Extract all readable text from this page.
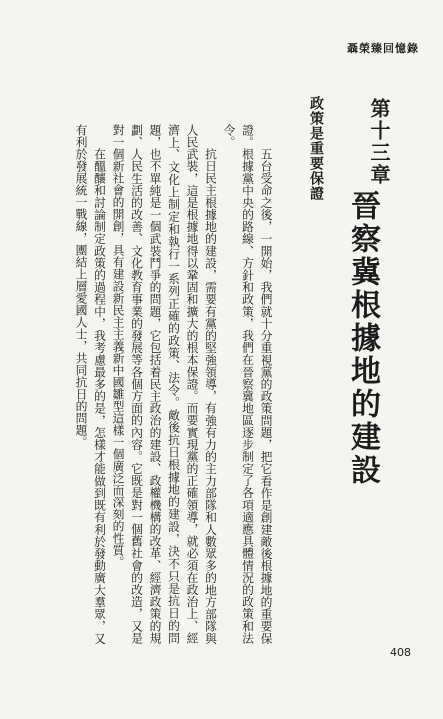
聶榮臻回憶錄
第十三章
晉察冀根據地的建設
政策是重要保證

五台受命之後，一開始，我們就十分重視黨的政策問題，把它看作是創建敵後根據地的重要保證。根據黨中央的路線、方針和政策，我們在晉察冀地區逐步制定了各項適應具體情況的政策和法令。

抗日民主根據地的建設，需要有黨的堅強領導，有強有力的主力部隊和人數眾多的地方部隊與人民武裝，這是根據地得以鞏固和擴大的根本保證。而要實現黨的正確領導，就必須在政治上、經濟上、文化上制定和執行一系列正確的政策、法令。敵後抗日根據地的建設，決不只是抗日的問題，也不單純是一個武裝鬥爭的問題，它包括着民主政治的建設、政權機構的改革、經濟政策的規劃、人民生活的改善、文化教育事業的發展等各個方面的內容。它既是對一個舊社會的改造，又是對一個新社會的開創，具有建設新民主主義新中國雛型這樣一個廣泛而深刻的性質。

在醞釀和討論制定政策的過程中，我考慮最多的是，怎樣才能做到既有利於發動廣大羣眾，又有利於發展統一戰線，團結上層愛國人士，共同抗日的問題。

408
